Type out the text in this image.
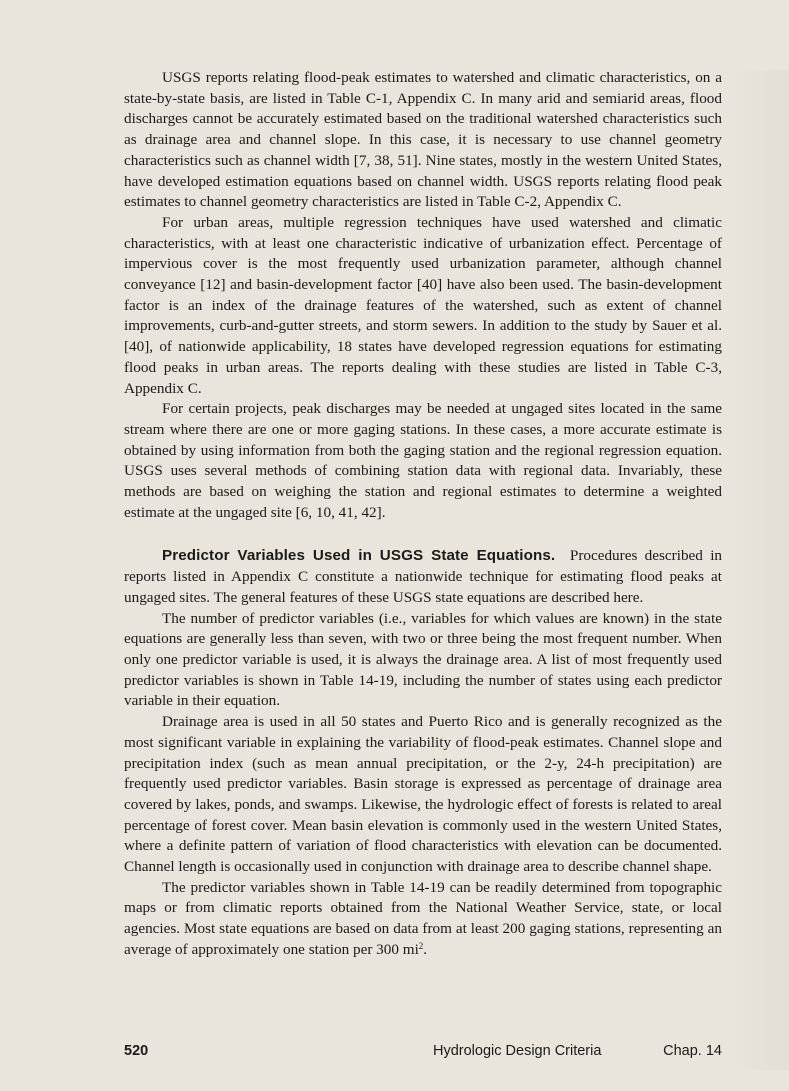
USGS reports relating flood-peak estimates to watershed and climatic characteristics, on a state-by-state basis, are listed in Table C-1, Appendix C. In many arid and semiarid areas, flood discharges cannot be accurately estimated based on the traditional watershed characteristics such as drainage area and channel slope. In this case, it is necessary to use channel geometry characteristics such as channel width [7, 38, 51]. Nine states, mostly in the western United States, have developed estimation equations based on channel width. USGS reports relating flood peak estimates to channel geometry characteristics are listed in Table C-2, Appendix C.

For urban areas, multiple regression techniques have used watershed and climatic characteristics, with at least one characteristic indicative of urbanization effect. Percentage of impervious cover is the most frequently used urbanization parameter, although channel conveyance [12] and basin-development factor [40] have also been used. The basin-development factor is an index of the drainage features of the watershed, such as extent of channel improvements, curb-and-gutter streets, and storm sewers. In addition to the study by Sauer et al. [40], of nationwide applicability, 18 states have developed regression equations for estimating flood peaks in urban areas. The reports dealing with these studies are listed in Table C-3, Appendix C.

For certain projects, peak discharges may be needed at ungaged sites located in the same stream where there are one or more gaging stations. In these cases, a more accurate estimate is obtained by using information from both the gaging station and the regional regression equation. USGS uses several methods of combining station data with regional data. Invariably, these methods are based on weighing the station and regional estimates to determine a weighted estimate at the ungaged site [6, 10, 41, 42].

Predictor Variables Used in USGS State Equations. Procedures described in reports listed in Appendix C constitute a nationwide technique for estimating flood peaks at ungaged sites. The general features of these USGS state equations are described here.

The number of predictor variables (i.e., variables for which values are known) in the state equations are generally less than seven, with two or three being the most frequent number. When only one predictor variable is used, it is always the drainage area. A list of most frequently used predictor variables is shown in Table 14-19, including the number of states using each predictor variable in their equation.

Drainage area is used in all 50 states and Puerto Rico and is generally recognized as the most significant variable in explaining the variability of flood-peak estimates. Channel slope and precipitation index (such as mean annual precipitation, or the 2-y, 24-h precipitation) are frequently used predictor variables. Basin storage is expressed as percentage of drainage area covered by lakes, ponds, and swamps. Likewise, the hydrologic effect of forests is related to areal percentage of forest cover. Mean basin elevation is commonly used in the western United States, where a definite pattern of variation of flood characteristics with elevation can be documented. Channel length is occasionally used in conjunction with drainage area to describe channel shape.

The predictor variables shown in Table 14-19 can be readily determined from topographic maps or from climatic reports obtained from the National Weather Service, state, or local agencies. Most state equations are based on data from at least 200 gaging stations, representing an average of approximately one station per 300 $mi^2$.

520	Hydrologic Design Criteria	Chap. 14
